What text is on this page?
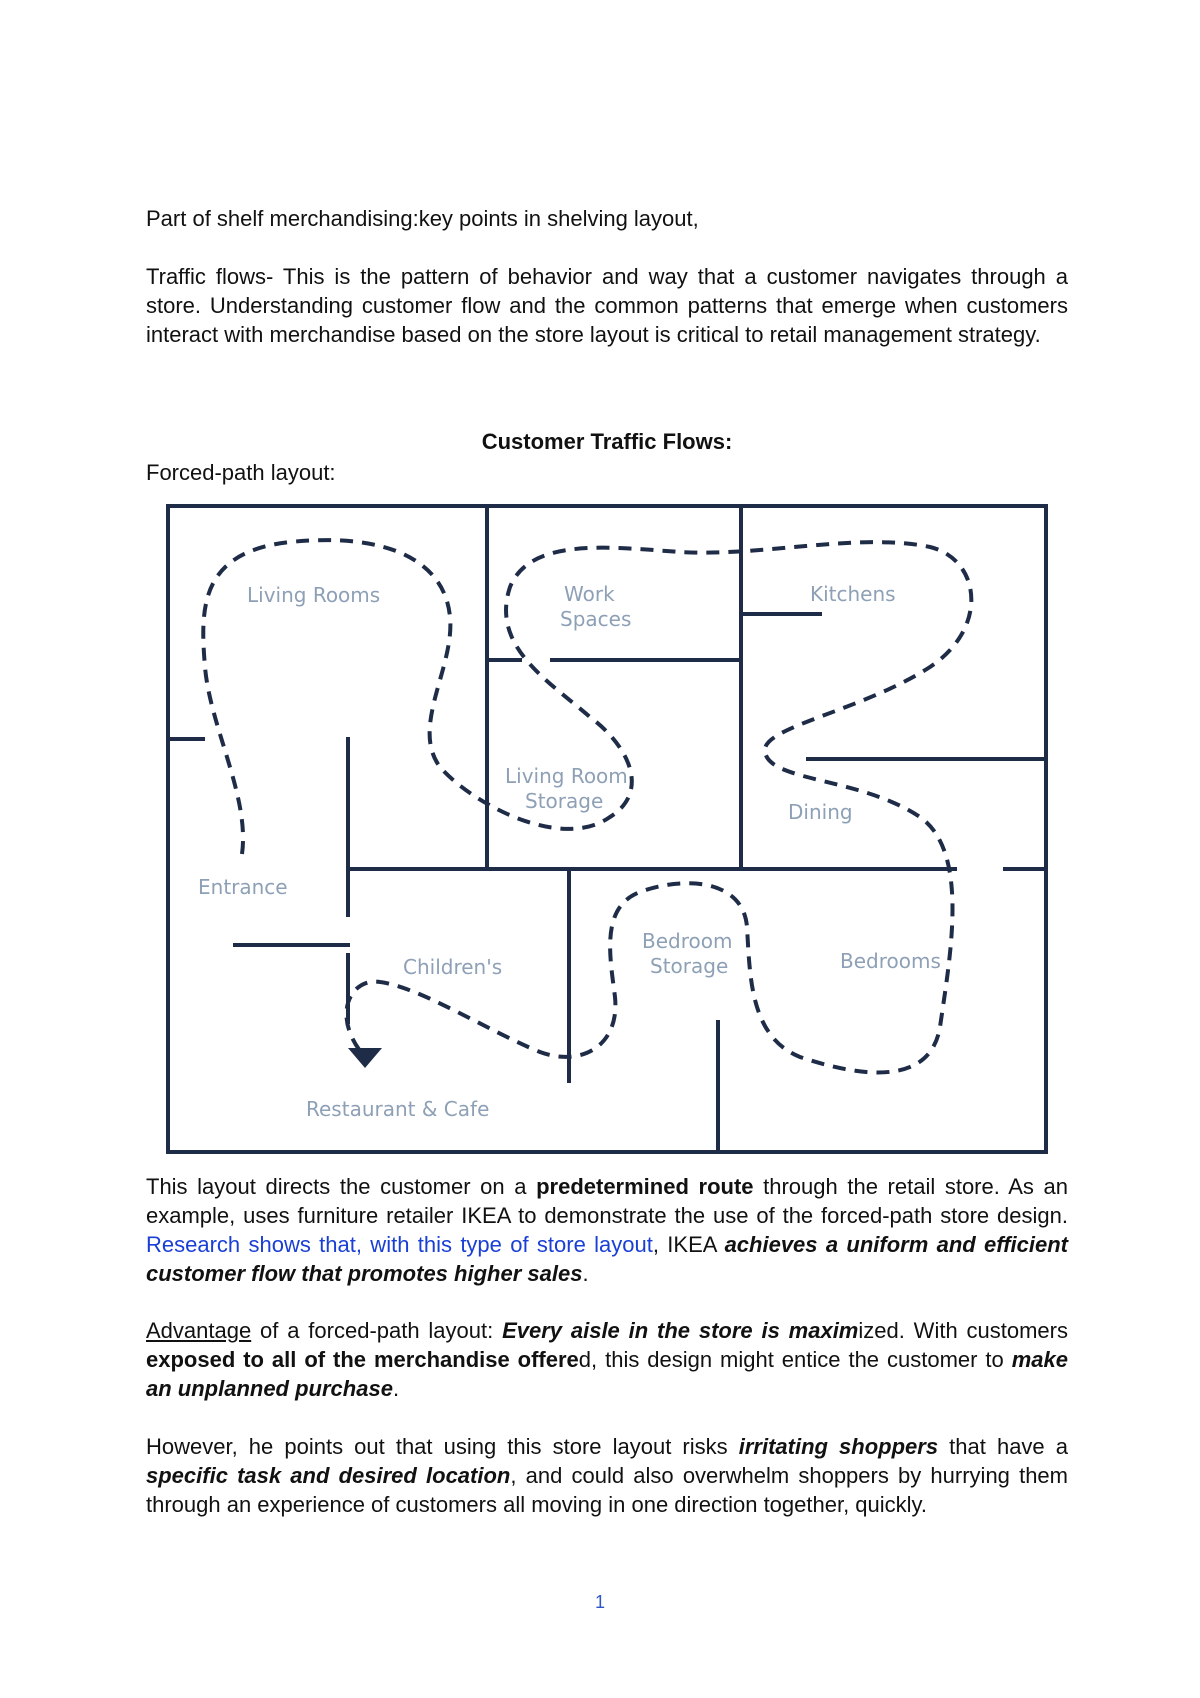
Part of shelf merchandising:key points in shelving layout,

Traffic flows- This is the pattern of behavior and way that a customer navigates through a store. Understanding customer flow and the common patterns that emerge when customers interact with merchandise based on the store layout is critical to retail management strategy.

Customer Traffic Flows:

Forced-path layout:

Living Rooms	Work
Spaces
Kitchens
Living Room
Storage	Dining
Entrance
Children's
Bedroom
Storage	Bedrooms
Restaurant & Cafe

This layout directs the customer on a predetermined route through the retail store. As an example, uses furniture retailer IKEA to demonstrate the use of the forced-path store design. Research shows that, with this type of store layout, IKEA achieves a uniform and efficient customer flow that promotes higher sales.

Advantage of a forced-path layout: Every aisle in the store is maximized. With customers exposed to all of the merchandise offered, this design might entice the customer to make an unplanned purchase.

However, he points out that using this store layout risks irritating shoppers that have a specific task and desired location, and could also overwhelm shoppers by hurrying them through an experience of customers all moving in one direction together, quickly.

1
